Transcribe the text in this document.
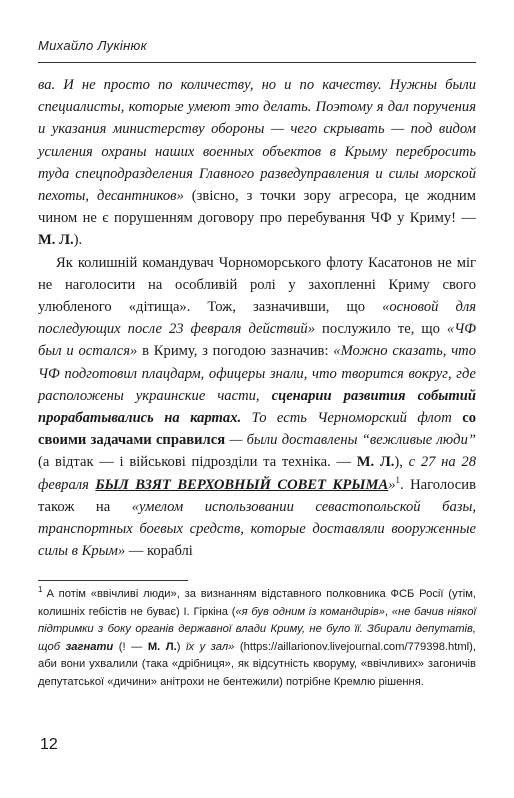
Михайло Лукінюк

ва. И не просто по количеству, но и по качеству. Нужны были специалисты, которые умеют это делать. Поэтому я дал поручения и указания министерству обороны — чего скрывать — под видом усиления охраны наших военных объектов в Крыму перебросить туда спецподразделения Главного разведуправления и силы морской пехоты, десантников» (звісно, з точки зору агресора, це жодним чином не є порушенням договору про перебування ЧФ у Криму! — М. Л.).

Як колишній командувач Чорноморського флоту Касатонов не міг не наголосити на особливій ролі у захопленні Криму свого улюбленого «дітища». Тож, зазначивши, що «основой для последующих после 23 февраля действий» послужило те, що «ЧФ был и остался» в Криму, з погодою зазначив: «Можно сказать, что ЧФ подготовил плацдарм, офицеры знали, что творится вокруг, где расположены украинские части, сценарии развития событий прорабатывались на картах. То есть Черноморский флот со своими задачами справился — были доставлены “вежливые люди” (а відтак — і військові підрозділи та техніка. — М. Л.), с 27 на 28 февраля БЫЛ ВЗЯТ ВЕРХОВНЫЙ СОВЕТ КРЫМА»$^1$. Наголосив також на «умелом использовании севастопольской базы, транспортных боевых средств, которые доставляли вооруженные силы в Крым» — кораблі

$^1$ А потім «ввічливі люди», за визнанням відставного полковника ФСБ Росії (утім, колишніх гебістів не буває) І. Гіркіна («я був одним із командирів», «не бачив ніякої підтримки з боку органів державної влади Криму, не було її. Збирали депутатів, щоб загнати (! — М. Л.) їх у зал» (https://aillarionov.livejournal.com/779398.html), аби вони ухвалили (така «дрібниця», як відсутність кворуму, «ввічливих» загоничів депутатської «дичини» анітрохи не бентежили) потрібне Кремлю рішення.

12
